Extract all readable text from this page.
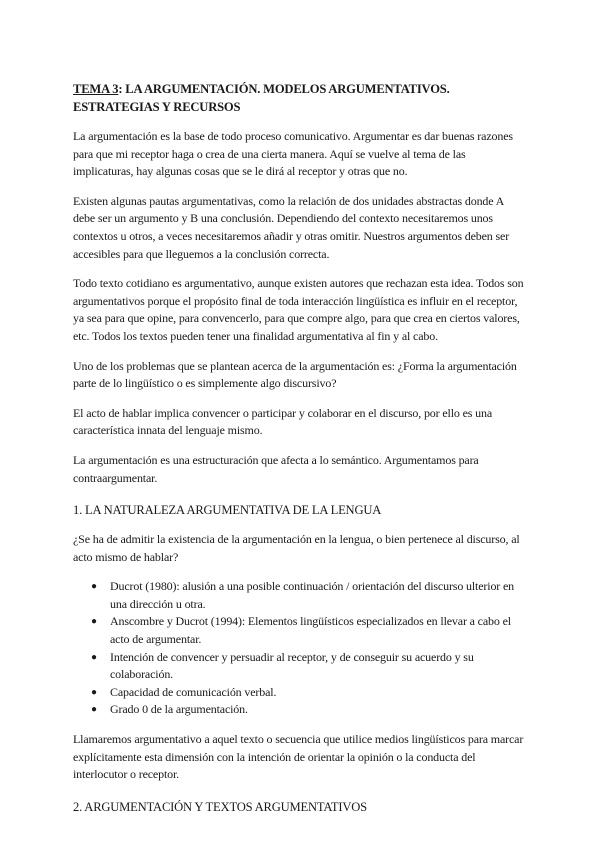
TEMA 3: LA ARGUMENTACIÓN. MODELOS ARGUMENTATIVOS. ESTRATEGIAS Y RECURSOS

La argumentación es la base de todo proceso comunicativo. Argumentar es dar buenas razones para que mi receptor haga o crea de una cierta manera. Aquí se vuelve al tema de las implicaturas, hay algunas cosas que se le dirá al receptor y otras que no.

Existen algunas pautas argumentativas, como la relación de dos unidades abstractas donde A debe ser un argumento y B una conclusión. Dependiendo del contexto necesitaremos unos contextos u otros, a veces necesitaremos añadir y otras omitir. Nuestros argumentos deben ser accesibles para que lleguemos a la conclusión correcta.

Todo texto cotidiano es argumentativo, aunque existen autores que rechazan esta idea. Todos son argumentativos porque el propósito final de toda interacción lingüística es influir en el receptor, ya sea para que opine, para convencerlo, para que compre algo, para que crea en ciertos valores, etc. Todos los textos pueden tener una finalidad argumentativa al fin y al cabo.

Uno de los problemas que se plantean acerca de la argumentación es: ¿Forma la argumentación parte de lo lingüístico o es simplemente algo discursivo?

El acto de hablar implica convencer o participar y colaborar en el discurso, por ello es una característica innata del lenguaje mismo.

La argumentación es una estructuración que afecta a lo semántico. Argumentamos para contraargumentar.

1. LA NATURALEZA ARGUMENTATIVA DE LA LENGUA

¿Se ha de admitir la existencia de la argumentación en la lengua, o bien pertenece al discurso, al acto mismo de hablar?

● Ducrot (1980): alusión a una posible continuación / orientación del discurso ulterior en una dirección u otra.
● Anscombre y Ducrot (1994): Elementos lingüísticos especializados en llevar a cabo el acto de argumentar.
● Intención de convencer y persuadir al receptor, y de conseguir su acuerdo y su colaboración.
● Capacidad de comunicación verbal.
● Grado 0 de la argumentación.

Llamaremos argumentativo a aquel texto o secuencia que utilice medios lingüísticos para marcar explícitamente esta dimensión con la intención de orientar la opinión o la conducta del interlocutor o receptor.

2. ARGUMENTACIÓN Y TEXTOS ARGUMENTATIVOS
